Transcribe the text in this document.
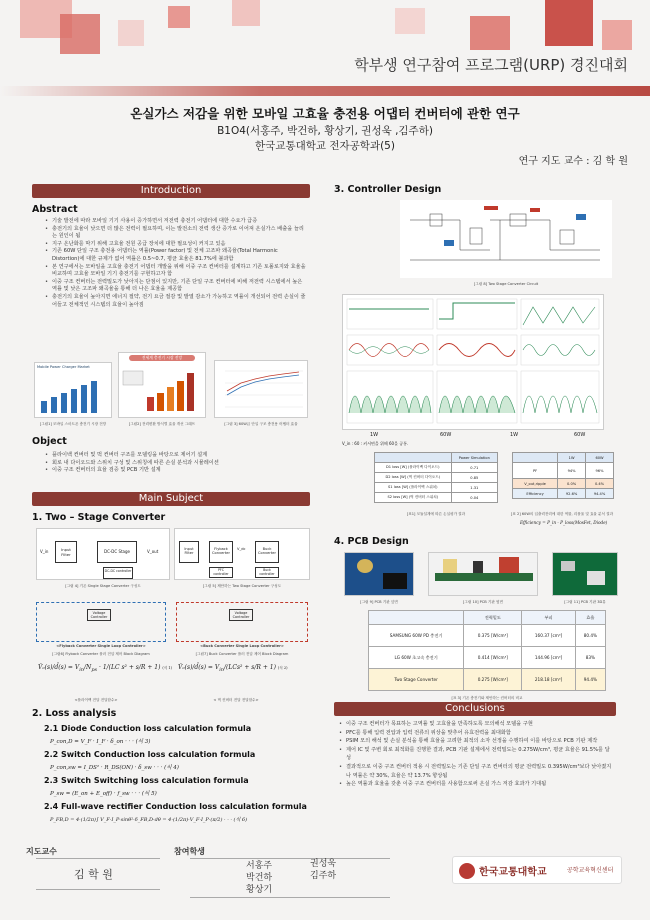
학부생 연구참여 프로그램(URP) 경진대회
온실가스 저감을 위한 모바일 고효율 충전용 어댑터 컨버터에 관한 연구
B1O4(서홍주, 박건하, 황상기, 권성욱 ,김주하)
한국교통대학교 전자공학과(5)
연구 지도 교수 : 김 학 원
Introduction
Abstract
• 기술 발전에 따라 모바일 기기 사용이 증가하면서 저전력 충전기 어댑터에 대한 수요가 급증
• 충전기의 효율이 낮으면 더 많은 전력이 필요하며, 이는 발전소의 전력 생산 증가로 이어져 온실가스 배출을 늘리는 원인이 됨
• 지구 온난화를 막기 위해 고효율 전원 공급 장치에 대한 필요성이 커지고 있음
• 기존 60W 단일 구조 충전용 어댑터는 역률(Power factor) 및 전체 고조파 왜곡율(Total Harmonic Distortion)에 대한 규제가 없어 역률은 0.5~0.7, 평균 효율은 81.7%에 불과함
• 본 연구에서는 모바일을 고효율 충전기 어댑터 개발을 위해 이중 구조 컨버터를 설계하고 기존 토폴로지와 효율을 비교하며 고효율 모바일 기기 충전기를 구현하고자 함
• 이중 구조 컨버터는 전력밀도가 낮아지는 단점이 있지만, 기존 단일 구조 컨버터에 비해 저전력 시스템에서 높은 역률 및 낮은 고조파 왜곡율을 통해 더 나은 효율을 제공함
• 충전기의 효율이 높아지면 에너지 절약, 전기 요금 절감 및 발열 감소가 가능하고 역률이 개선되어 전력 손실이 줄어들고 전체적인 시스템의 효율이 높아짐
Mobile Power Charger Market
전세계 충전기 시장 전망
[그림1] 모바일 스마트폰 충전기 시장 전망	[그림2] 전력변환 방식별 효율 개선 그래프	[그림 3] 60W급 단일 구조 충전용 어댑터 효율
Object
• 플라이백 컨버터 및 벅 컨버터 구조를 모델링을 바탕으로 제어기 설계
• 회로 내 다이오드와 스위치 구성 및 스위칭에 따른 손실 분석과 시뮬레이션
• 이중 구조 컨버터의 효율 검증 및 PCB 기반 설계
Main Subject
1. Two – Stage Converter
V_in	Input Filter
DC-DC Stage
DC-DC controller
V_out	Input Filter
Flyback Converter
V_dc	Buck Converter
PFC controller
Buck controller
[그림 4] 기존 Single Stage Converter 구성도	[그림 5] 제안하는 Two Stage Converter 구성도
Voltage Controller
Voltage Controller
<Flyback Converter Single Loop Controller>	<Buck Converter Single Loop Controller>
[그림6] Flyback Converter 플러 전압 제어 Block Diagram	[그림7] Buck Converter 플러 전압 제어 Block Diagram
V̂ₒ(s)/d̂(s) = $V_{in}/N_{ps} \cdot 1/(LC$ s² + s/R + 1) (식 1) V̂ₒ(s)/d̂(s) = $V_{in}/(LCs^2 + s/R + 1)$ (식 2)
<플라이백 전달 전달함수>	< 벅 컨버터 전달 전달함수>
2. Loss analysis
2.1 Diode Conduction loss calculation formula
P_con,D = V_F · I_F · δ_on · · · (식 3)
2.2 Switch Conduction loss calculation formula
P_con,sw = I_DS² · R_DS(ON) · δ_sw · · · (식 4)
2.3 Switch Switching loss calculation formula
P_sw = (E_on + E_off) · f_sw · · · (식 5)
2.4 Full-wave rectifier Conduction loss calculation formula
P_FB,D = 4·(1/2π)∫ V_F·I_P·sinθ²·δ_FB,D·dθ = 4·(1/2π)·V_F·I_P·(π/2) · · · (식 6)
3. Controller Design
[그림 8] Two Stage Converter Circuit
1W	60W	1W	60W
V_in : 60 : 커서면을 위해 60을 공통.
	Power Simulation
D1 loss [W] (플라이백 다이오드)	0.71
D2 loss [W] (벅 컨버터 다이오드)	0.85
S1 loss [W] (플라이백 스위치)	1.31
S2 loss [W] (벅 컨버터 스위치)	0.04
	1W	60W
PF	94%	96%
V_out,ripple	0.0%	0.4%
Efficiency	92.6%	94.4%
[표1] 모듈설계에 따른 손실평가 결과	[표 2] 60W의 입출력전력에 대한 역률, 리플율 및 효율 분석 결과
Efficiency = P_in - P_loss(MosFet, Diode)
4. PCB Design
[그림 9] PCB 기판 앞면	[그림 10] PCB 기판 옆면	[그림 11] PCB 기판 3D뷰
	전력밀도	부피	효율
SAMSUNG 60W PD 충전기	0.375 [W/cm³]	160.37 [cm³]	80.4%
LG 60W 초고속 충전기	0.414 [W/cm³]	144.96 [cm³]	83%
Two Stage Converter	0.275 [W/cm³]	218.18 [cm³]	94.4%
[표 3] 기존 충전기와 제안하는 컨버터의 비교
Conclusions
• 이중 구조 컨버터가 목표하는 고역률 및 고효율을 만족하도록 모의해석 모델을 구현
• PFC를 통해 입력 전압과 입력 전류의 위상을 맞추어 유효전력을 최대화함
• PSIM 모의 해석 및 손실 분석을 통해 효율을 고려한 최적의 소자 선정을 수행하여 이를 바탕으로 PCB 기판 제작
• 제어 IC 및 주변 회로 최적화를 진행한 결과, PCB 기판 설계에서 전력밀도는 0.275W/cm³, 평균 효율은 91.5%를 달성
• 결과적으로 이중 구조 컨버터 적용 시 전력밀도는 기존 단일 구조 컨버터의 평균 전력밀도 0.395W/cm³보다 낮아졌지나 역률은 약 30%, 효율은 약 13.7% 향상됨
• 높은 역률과 효율을 갖춘 이중 구조 컨버터를 사용함으로써 온실 가스 저감 효과가 기대됨
지도교수
김 학 원
참여학생
서홍주
박건하
황상기
권성욱
김주하	한국교통대학교	공학교육혁신센터
